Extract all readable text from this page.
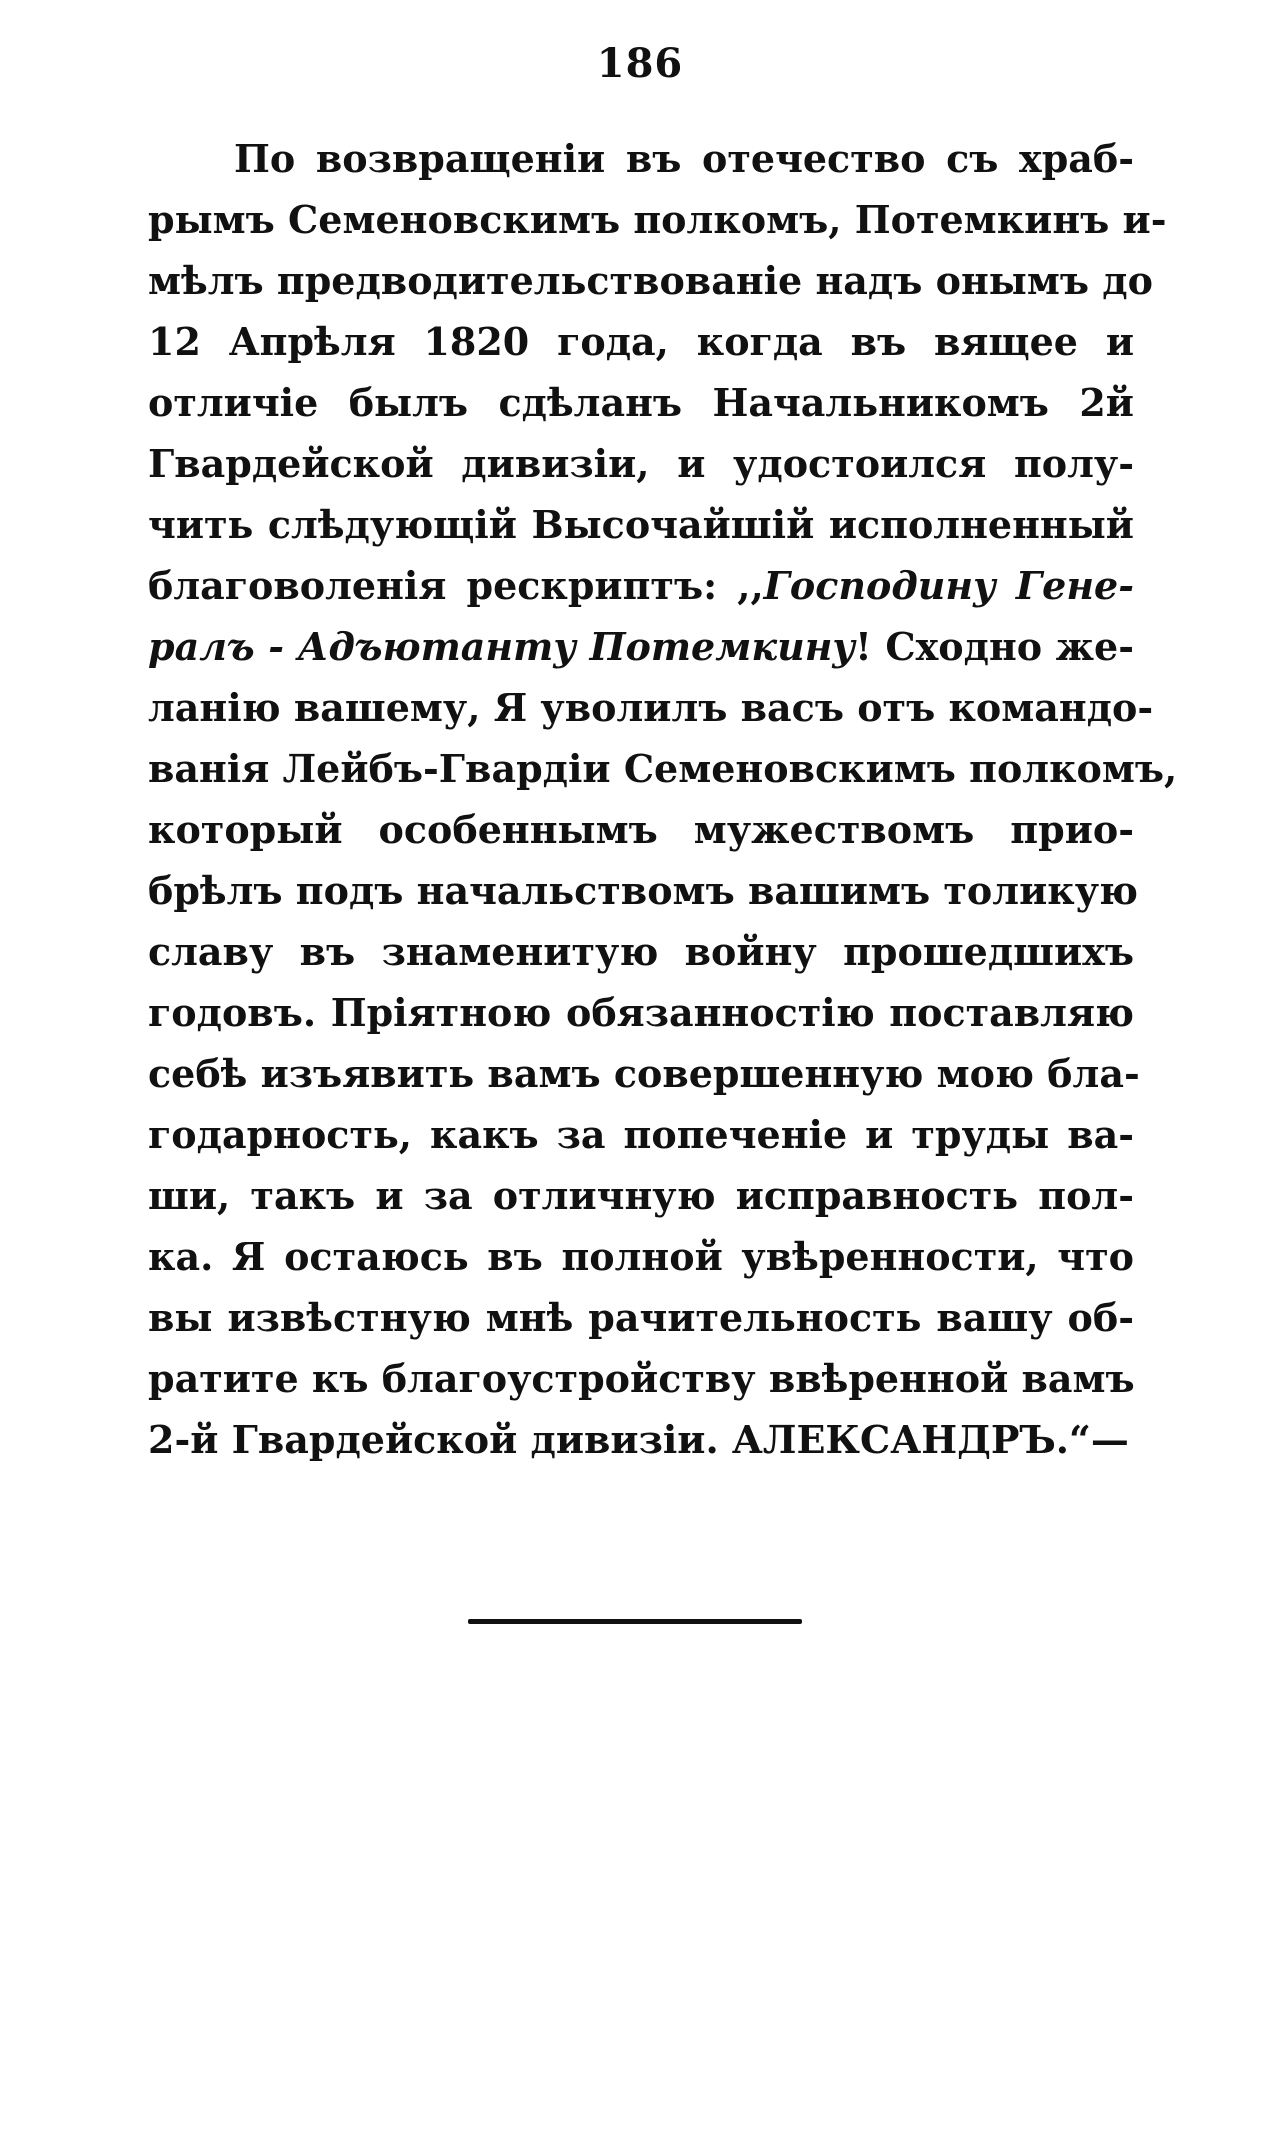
186
По возвращеніи въ отечество съ храб-
рымъ Семеновскимъ полкомъ, Потемкинъ и-
мѣлъ предводительствованіе надъ онымъ до
12 Апрѣля 1820 года, когда въ вящее и
отличіе былъ сдѣланъ Начальникомъ 2й
Гвардейской дивизіи, и удостоился полу-
чить слѣдующій Высочайшій исполненный
благоволенія рескриптъ: ,,Господину Гене-
ралъ - Адъютанту Потемкину! Сходно же-
ланію вашему, Я уволилъ васъ отъ командо-
ванія Лейбъ-Гвардіи Семеновскимъ полкомъ,
который особеннымъ мужествомъ прио-
брѣлъ подъ начальствомъ вашимъ толикую
славу въ знаменитую войну прошедшихъ
годовъ. Пріятною обязанностію поставляю
себѣ изъявить вамъ совершенную мою бла-
годарность, какъ за попеченіе и труды ва-
ши, такъ и за отличную исправность пол-
ка. Я остаюсь въ полной увѣренности, что
вы извѣстную мнѣ рачительность вашу об-
ратите къ благоустройству ввѣренной вамъ
2-й Гвардейской дивизіи. АЛЕКСАНДРЪ.“—
